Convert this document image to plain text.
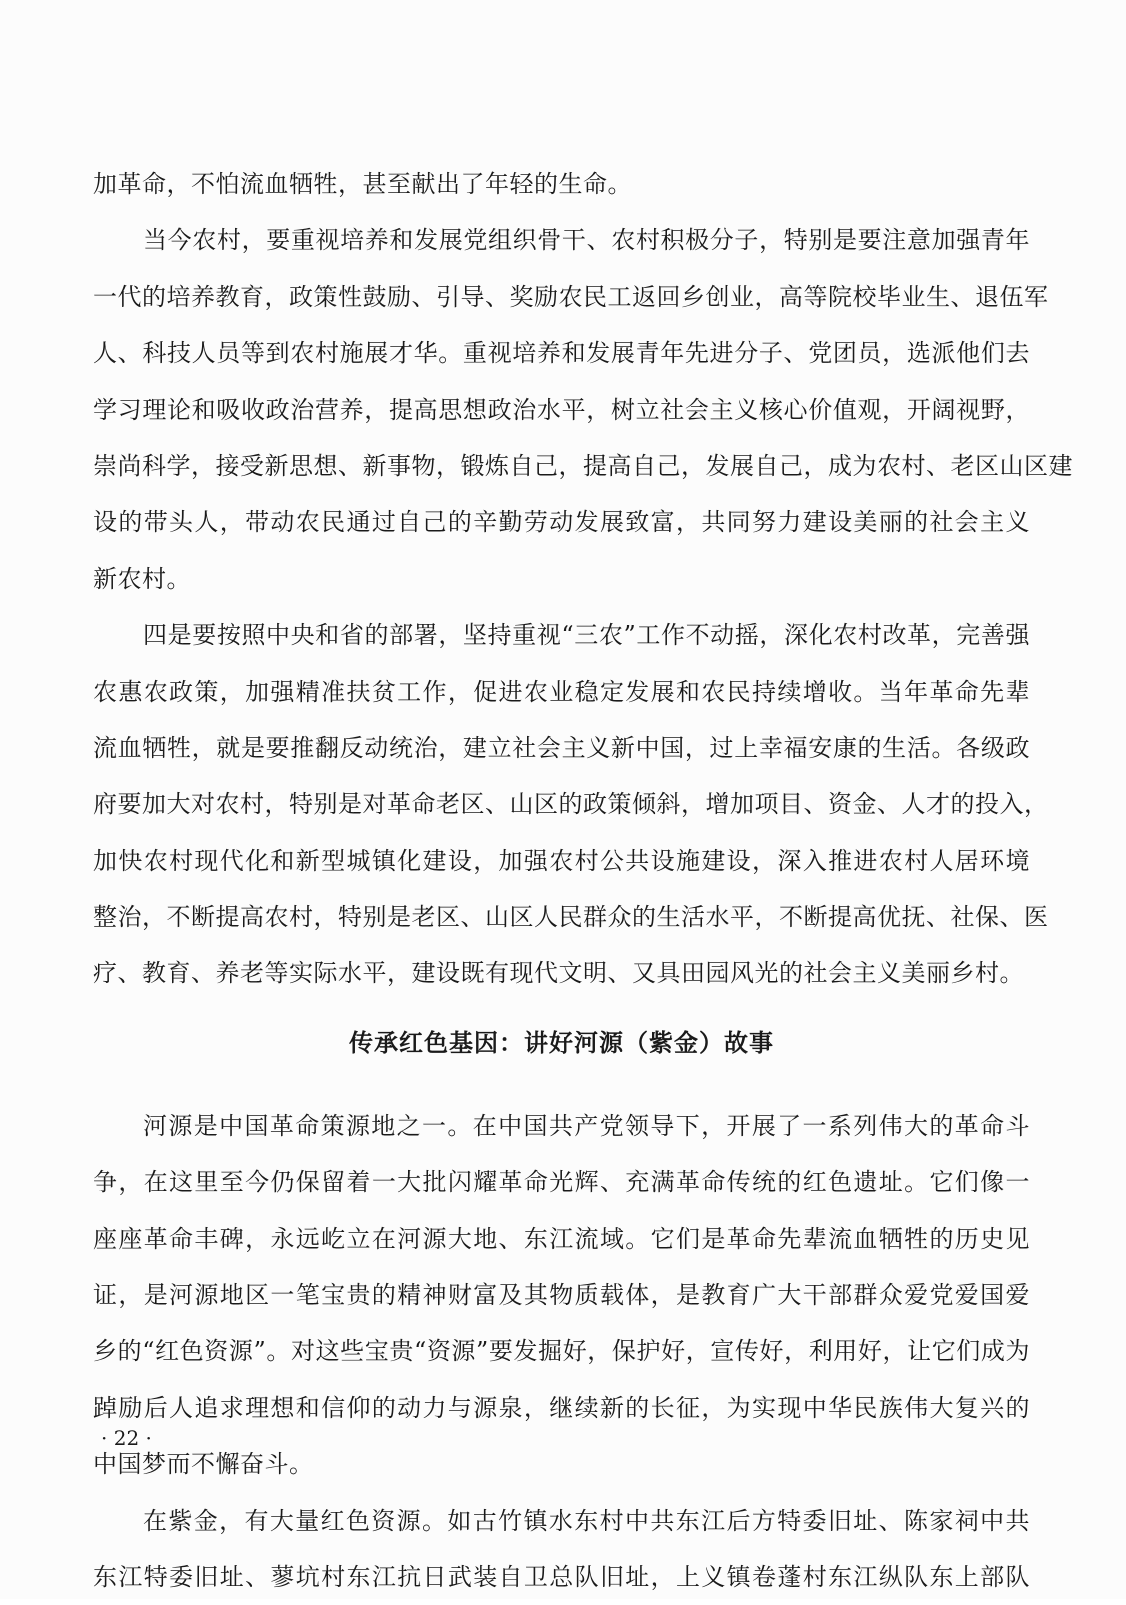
加革命，不怕流血牺牲，甚至献出了年轻的生命。
当今农村，要重视培养和发展党组织骨干、农村积极分子，特别是要注意加强青年
一代的培养教育，政策性鼓励、引导、奖励农民工返回乡创业，高等院校毕业生、退伍军
人、科技人员等到农村施展才华。重视培养和发展青年先进分子、党团员，选派他们去
学习理论和吸收政治营养，提高思想政治水平，树立社会主义核心价值观，开阔视野，
崇尚科学，接受新思想、新事物，锻炼自己，提高自己，发展自己，成为农村、老区山区建
设的带头人，带动农民通过自己的辛勤劳动发展致富，共同努力建设美丽的社会主义
新农村。
四是要按照中央和省的部署，坚持重视“三农”工作不动摇，深化农村改革，完善强
农惠农政策，加强精准扶贫工作，促进农业稳定发展和农民持续增收。当年革命先辈
流血牺牲，就是要推翻反动统治，建立社会主义新中国，过上幸福安康的生活。各级政
府要加大对农村，特别是对革命老区、山区的政策倾斜，增加项目、资金、人才的投入，
加快农村现代化和新型城镇化建设，加强农村公共设施建设，深入推进农村人居环境
整治，不断提高农村，特别是老区、山区人民群众的生活水平，不断提高优抚、社保、医
疗、教育、养老等实际水平，建设既有现代文明、又具田园风光的社会主义美丽乡村。
传承红色基因：讲好河源（紫金）故事
河源是中国革命策源地之一。在中国共产党领导下，开展了一系列伟大的革命斗
争，在这里至今仍保留着一大批闪耀革命光辉、充满革命传统的红色遗址。它们像一
座座革命丰碑，永远屹立在河源大地、东江流域。它们是革命先辈流血牺牲的历史见
证，是河源地区一笔宝贵的精神财富及其物质载体，是教育广大干部群众爱党爱国爱
乡的“红色资源”。对这些宝贵“资源”要发掘好，保护好，宣传好，利用好，让它们成为
踔励后人追求理想和信仰的动力与源泉，继续新的长征，为实现中华民族伟大复兴的
中国梦而不懈奋斗。
在紫金，有大量红色资源。如古竹镇水东村中共东江后方特委旧址、陈家祠中共
东江特委旧址、蓼坑村东江抗日武装自卫总队旧址，上义镇卷蓬村东江纵队东上部队
· 22 ·
